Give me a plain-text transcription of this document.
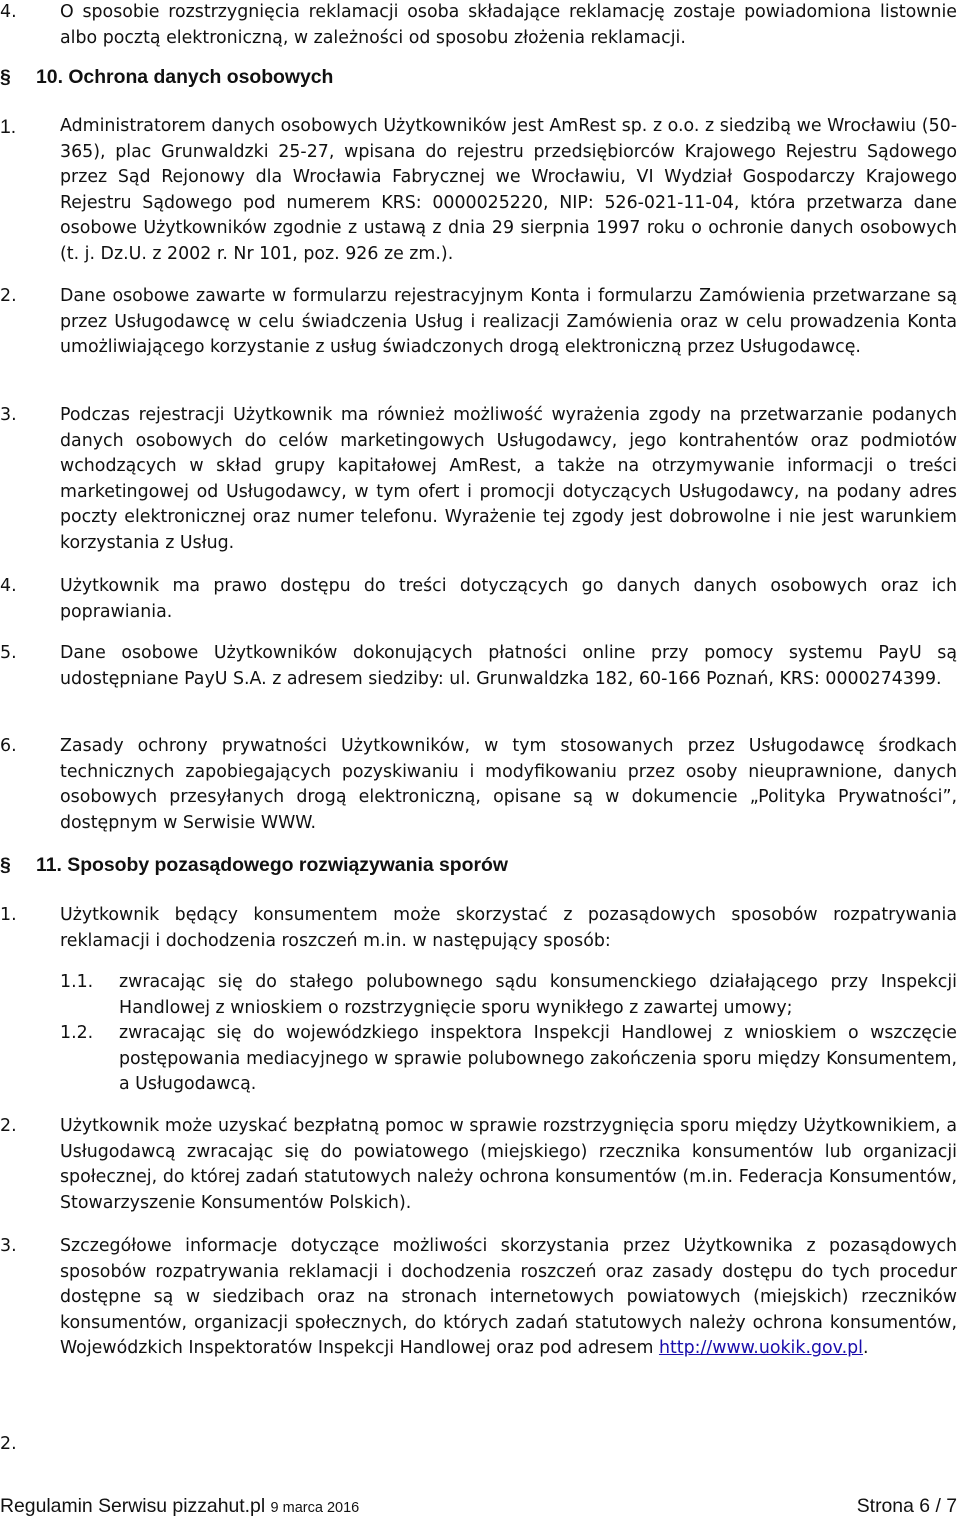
4. O sposobie rozstrzygnięcia reklamacji osoba składające reklamację zostaje powiadomiona listownie albo pocztą elektroniczną, w zależności od sposobu złożenia reklamacji.
§ 10. Ochrona danych osobowych
1.	Administratorem danych osobowych Użytkowników jest AmRest sp. z o.o. z siedzibą we Wrocławiu (50-365), plac Grunwaldzki 25-27, wpisana do rejestru przedsiębiorców Krajowego Rejestru Sądowego przez Sąd Rejonowy dla Wrocławia Fabrycznej we Wrocławiu, VI Wydział Gospodarczy Krajowego Rejestru Sądowego pod numerem KRS: 0000025220, NIP: 526-021-11-04, która przetwarza dane osobowe Użytkowników zgodnie z ustawą z dnia 29 sierpnia 1997 roku o ochronie danych osobowych (t. j. Dz.U. z 2002 r. Nr 101, poz. 926 ze zm.).
2. Dane osobowe zawarte w formularzu rejestracyjnym Konta i formularzu Zamówienia przetwarzane są przez Usługodawcę w celu świadczenia Usług i realizacji Zamówienia oraz w celu prowadzenia Konta umożliwiającego korzystanie z usług świadczonych drogą elektroniczną przez Usługodawcę.
3. Podczas rejestracji Użytkownik ma również możliwość wyrażenia zgody na przetwarzanie podanych danych osobowych do celów marketingowych Usługodawcy, jego kontrahentów oraz podmiotów wchodzących w skład grupy kapitałowej AmRest, a także na otrzymywanie informacji o treści marketingowej od Usługodawcy, w tym ofert i promocji dotyczących Usługodawcy, na podany adres poczty elektronicznej oraz numer telefonu. Wyrażenie tej zgody jest dobrowolne i nie jest warunkiem korzystania z Usług.
4. Użytkownik ma prawo dostępu do treści dotyczących go danych danych osobowych oraz ich poprawiania.
5. Dane osobowe Użytkowników dokonujących płatności online przy pomocy systemu PayU są udostępniane PayU S.A. z adresem siedziby: ul. Grunwaldzka 182, 60-166 Poznań, KRS: 0000274399.
6. Zasady ochrony prywatności Użytkowników, w tym stosowanych przez Usługodawcę środkach technicznych zapobiegających pozyskiwaniu i modyfikowaniu przez osoby nieuprawnione, danych osobowych przesyłanych drogą elektroniczną, opisane są w dokumencie „Polityka Prywatności”, dostępnym w Serwisie WWW.
§ 11. Sposoby pozasądowego rozwiązywania sporów
1. Użytkownik będący konsumentem może skorzystać z pozasądowych sposobów rozpatrywania reklamacji i dochodzenia roszczeń m.in. w następujący sposób:
1.1. zwracając się do stałego polubownego sądu konsumenckiego działającego przy Inspekcji Handlowej z wnioskiem o rozstrzygnięcie sporu wynikłego z zawartej umowy;
1.2. zwracając się do wojewódzkiego inspektora Inspekcji Handlowej z wnioskiem o wszczęcie postępowania mediacyjnego w sprawie polubownego zakończenia sporu między Konsumentem, a Usługodawcą.
2. Użytkownik może uzyskać bezpłatną pomoc w sprawie rozstrzygnięcia sporu między Użytkownikiem, a Usługodawcą zwracając się do powiatowego (miejskiego) rzecznika konsumentów lub organizacji społecznej, do której zadań statutowych należy ochrona konsumentów (m.in. Federacja Konsumentów, Stowarzyszenie Konsumentów Polskich).
3. Szczegółowe informacje dotyczące możliwości skorzystania przez Użytkownika z pozasądowych sposobów rozpatrywania reklamacji i dochodzenia roszczeń oraz zasady dostępu do tych procedur dostępne są w siedzibach oraz na stronach internetowych powiatowych (miejskich) rzeczników konsumentów, organizacji społecznych, do których zadań statutowych należy ochrona konsumentów, Wojewódzkich Inspektoratów Inspekcji Handlowej oraz pod adresem http://www.uokik.gov.pl.
2.
Regulamin Serwisu pizzahut.pl 9 marca 2016	Strona 6 / 7
